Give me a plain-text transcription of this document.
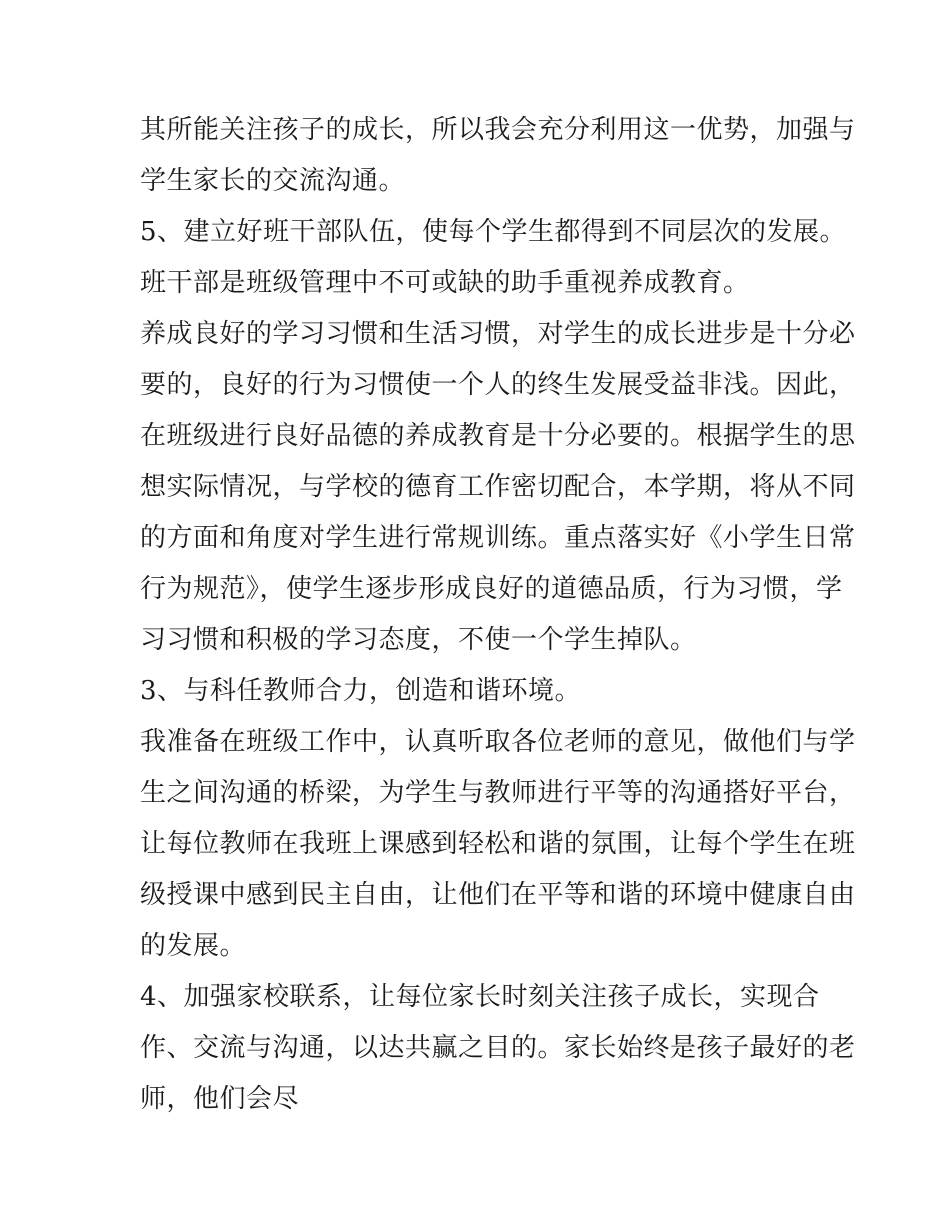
其所能关注孩子的成长，所以我会充分利用这一优势，加强与

学生家长的交流沟通。

5、建立好班干部队伍，使每个学生都得到不同层次的发展。

班干部是班级管理中不可或缺的助手重视养成教育。

养成良好的学习习惯和生活习惯，对学生的成长进步是十分必

要的，良好的行为习惯使一个人的终生发展受益非浅。因此，

在班级进行良好品德的养成教育是十分必要的。根据学生的思

想实际情况，与学校的德育工作密切配合，本学期，将从不同

的方面和角度对学生进行常规训练。重点落实好《小学生日常

行为规范》，使学生逐步形成良好的道德品质，行为习惯，学

习习惯和积极的学习态度，不使一个学生掉队。

3、与科任教师合力，创造和谐环境。

我准备在班级工作中，认真听取各位老师的意见，做他们与学

生之间沟通的桥梁，为学生与教师进行平等的沟通搭好平台，

让每位教师在我班上课感到轻松和谐的氛围，让每个学生在班

级授课中感到民主自由，让他们在平等和谐的环境中健康自由

的发展。

4、加强家校联系，让每位家长时刻关注孩子成长，实现合

作、交流与沟通，以达共赢之目的。家长始终是孩子最好的老

师，他们会尽
